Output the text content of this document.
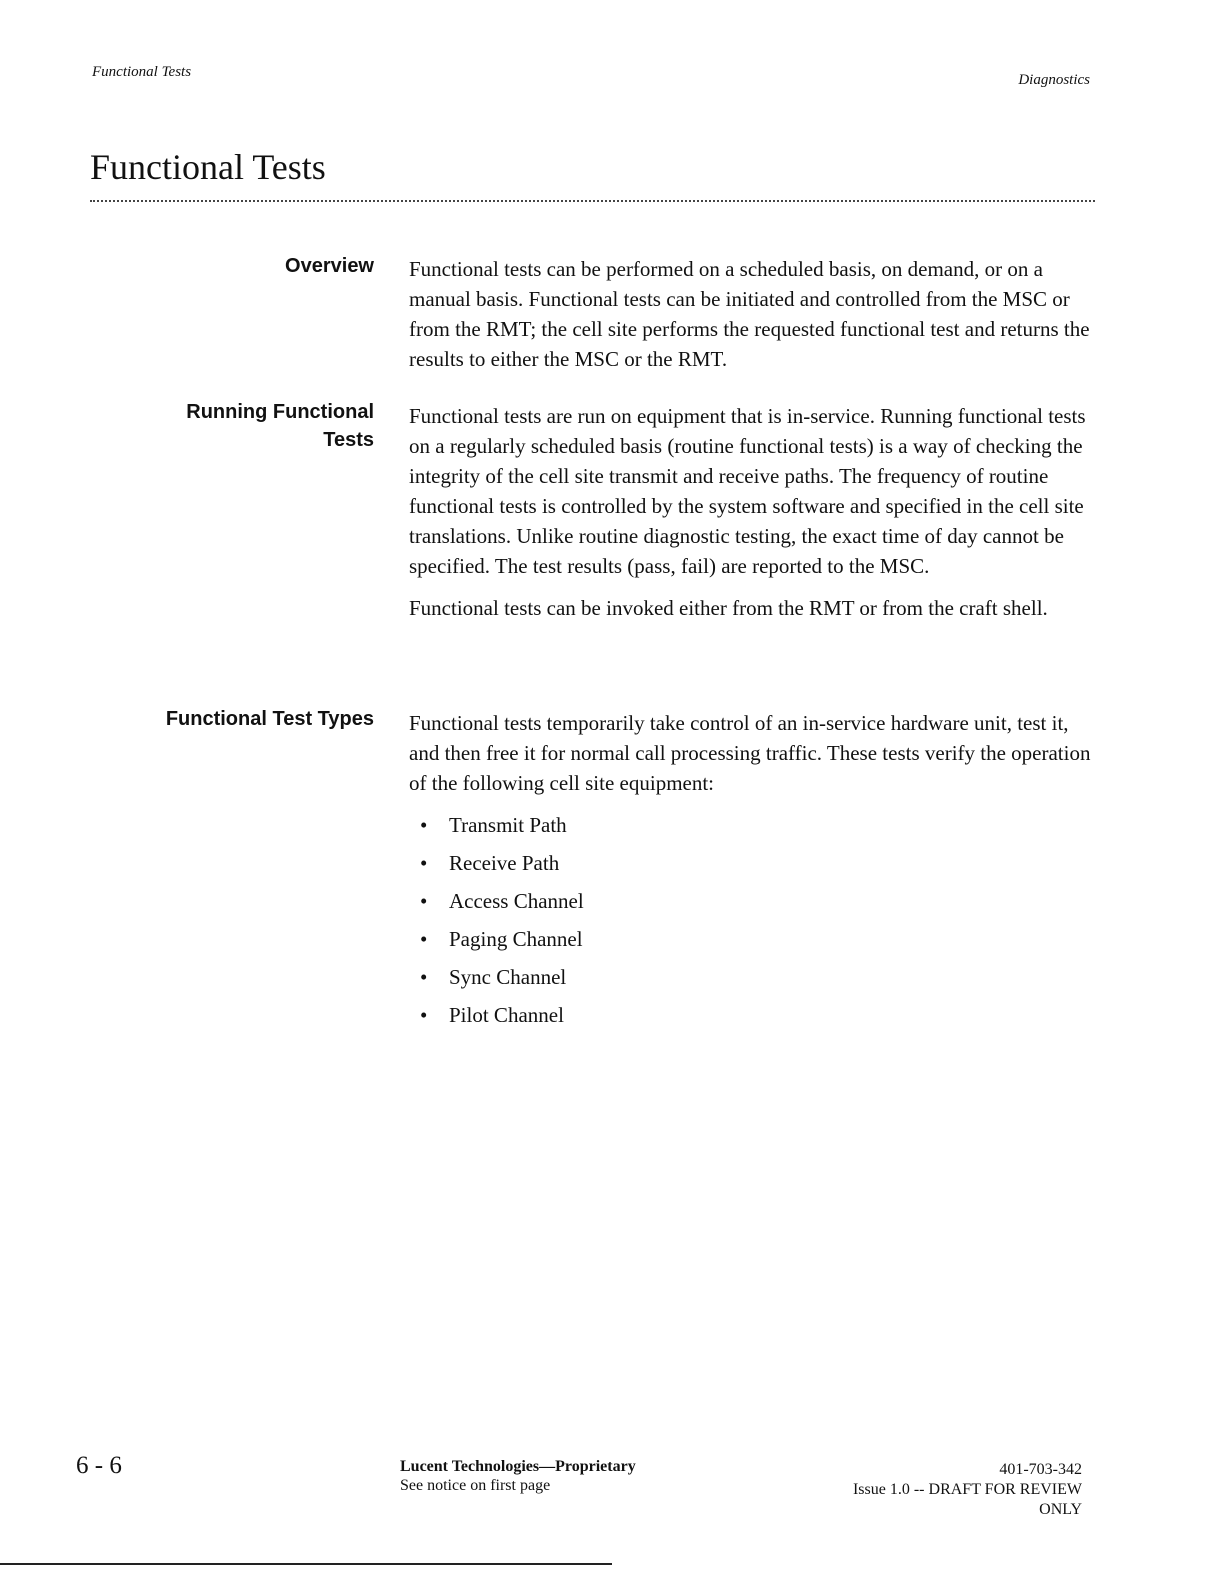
Functional Tests	Diagnostics
Functional Tests
Overview Functional tests can be performed on a scheduled basis, on demand, or on a manual basis. Functional tests can be initiated and controlled from the MSC or from the RMT; the cell site performs the requested functional test and returns the results to either the MSC or the RMT.

Running Functional
Tests

Functional tests are run on equipment that is in-service. Running functional tests on a regularly scheduled basis (routine functional tests) is a way of checking the integrity of the cell site transmit and receive paths. The frequency of routine functional tests is controlled by the system software and specified in the cell site translations. Unlike routine diagnostic testing, the exact time of day cannot be specified. The test results (pass, fail) are reported to the MSC.

Functional tests can be invoked either from the RMT or from the craft shell.

Functional Test Types Functional tests temporarily take control of an in-service hardware unit, test it, and then free it for normal call processing traffic. These tests verify the operation of the following cell site equipment:

• Transmit Path
• Receive Path
• Access Channel
• Paging Channel
• Sync Channel
• Pilot Channel
6 - 6	Lucent Technologies—Proprietary
See notice on first page
401-703-342
Issue 1.0 -- DRAFT FOR REVIEW
ONLY
